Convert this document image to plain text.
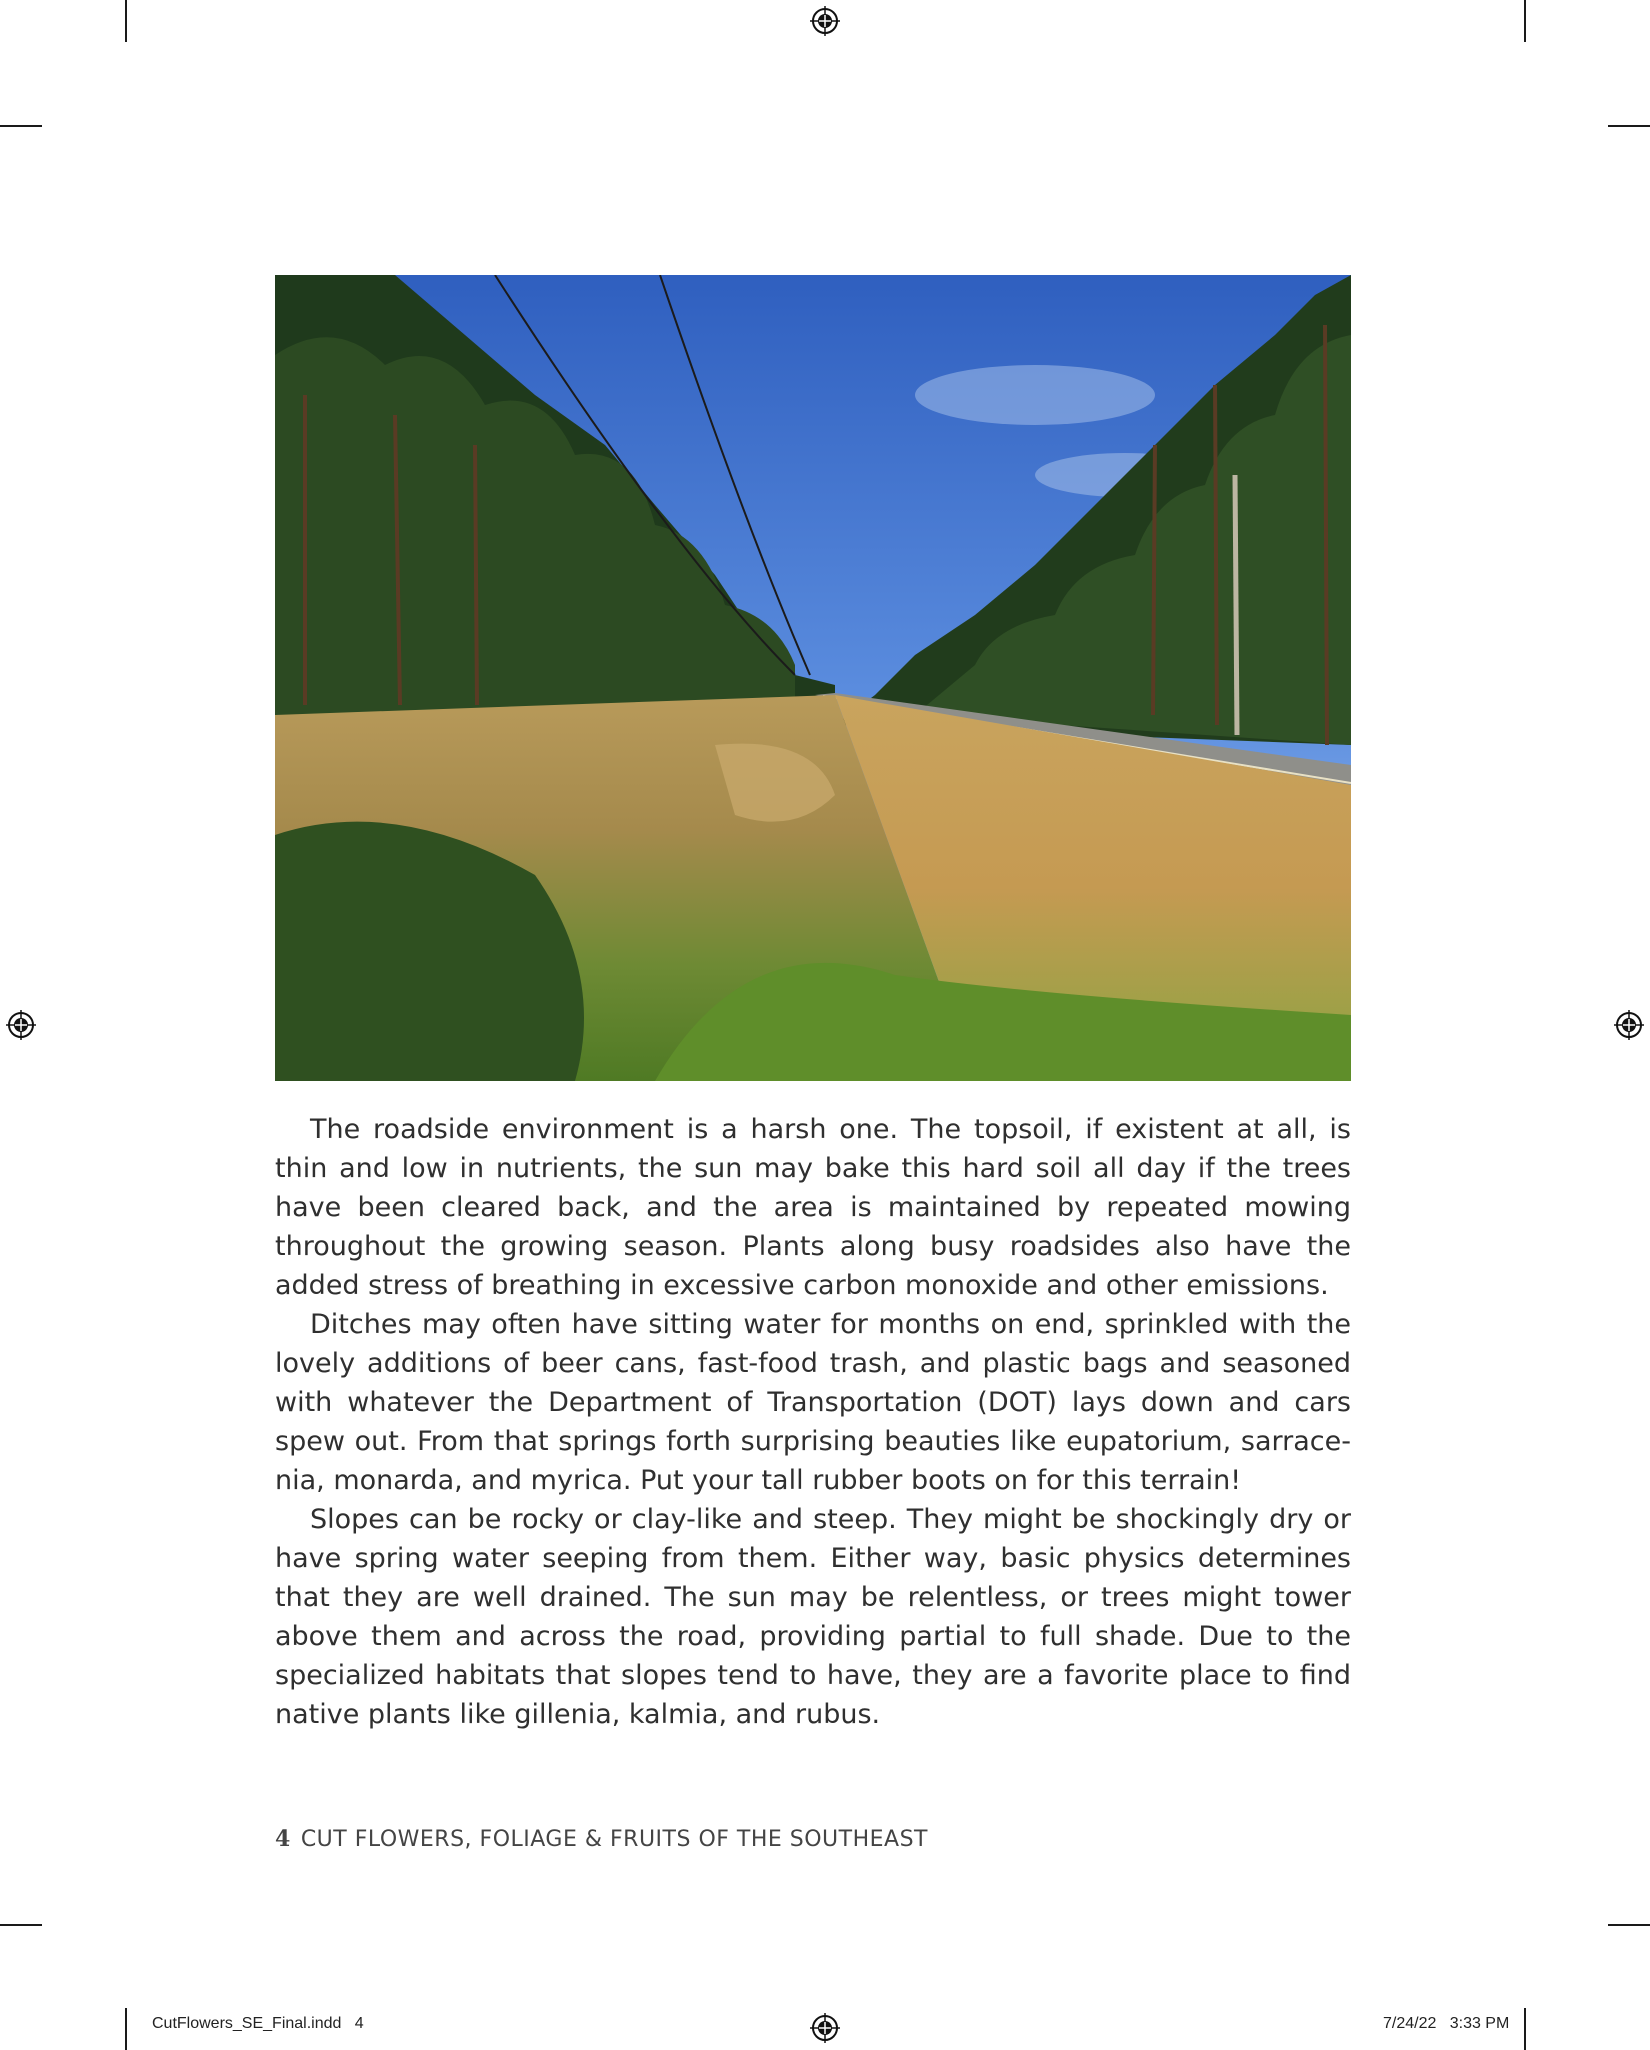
The roadside environment is a harsh one. The topsoil, if existent at all, is thin and low in nutrients, the sun may bake this hard soil all day if the trees have been cleared back, and the area is maintained by repeated mowing throughout the growing season. Plants along busy roadsides also have the added stress of breathing in excessive carbon monoxide and other emissions.

Ditches may often have sitting water for months on end, sprinkled with the lovely additions of beer cans, fast-food trash, and plastic bags and seasoned with whatever the Department of Transportation (DOT) lays down and cars spew out. From that springs forth surprising beauties like eupatorium, sarracenia, monarda, and myrica. Put your tall rubber boots on for this terrain!

Slopes can be rocky or clay-like and steep. They might be shockingly dry or have spring water seeping from them. Either way, basic physics determines that they are well drained. The sun may be relentless, or trees might tower above them and across the road, providing partial to full shade. Due to the specialized habitats that slopes tend to have, they are a favorite place to find native plants like gillenia, kalmia, and rubus.

4 CUT FLOWERS, FOLIAGE & FRUITS OF THE SOUTHEAST
CutFlowers_SE_Final.indd   4	7/24/22   3:33 PM
